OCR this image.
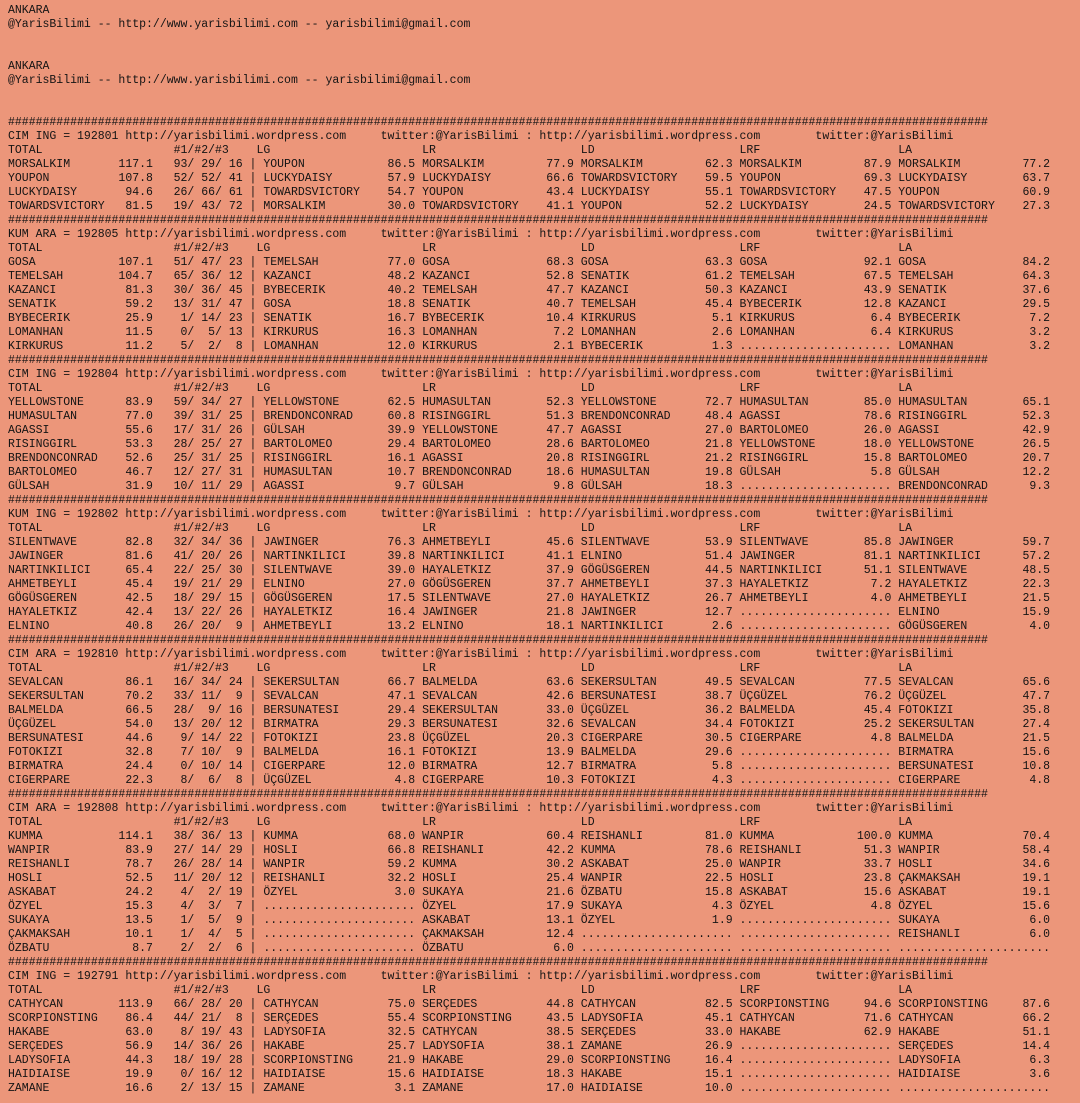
ANKARA
@YarisBilimi -- http://www.yarisbilimi.com -- yarisbilimi@gmail.com
ANKARA
@YarisBilimi -- http://www.yarisbilimi.com -- yarisbilimi@gmail.com
##############################################################################################################################################
CIM ING = 192801 http://yarisbilimi.wordpress.com     twitter:@YarisBilimi : http://yarisbilimi.wordpress.com        twitter:@YarisBilimi
TOTAL                   #1/#2/#3    LG                      LR                     LD                     LRF                    LA
MORSALKIM       117.1   93/ 29/ 16 | YOUPON            86.5 MORSALKIM         77.9 MORSALKIM         62.3 MORSALKIM         87.9 MORSALKIM         77.2
YOUPON          107.8   52/ 52/ 41 | LUCKYDAISY        57.9 LUCKYDAISY        66.6 TOWARDSVICTORY    59.5 YOUPON            69.3 LUCKYDAISY        63.7
LUCKYDAISY       94.6   26/ 66/ 61 | TOWARDSVICTORY    54.7 YOUPON            43.4 LUCKYDAISY        55.1 TOWARDSVICTORY    47.5 YOUPON            60.9
TOWARDSVICTORY   81.5   19/ 43/ 72 | MORSALKIM         30.0 TOWARDSVICTORY    41.1 YOUPON            52.2 LUCKYDAISY        24.5 TOWARDSVICTORY    27.3
##############################################################################################################################################
KUM ARA = 192805 http://yarisbilimi.wordpress.com     twitter:@YarisBilimi : http://yarisbilimi.wordpress.com        twitter:@YarisBilimi
TOTAL                   #1/#2/#3    LG                      LR                     LD                     LRF                    LA
GOSA            107.1   51/ 47/ 23 | TEMELSAH          77.0 GOSA              68.3 GOSA              63.3 GOSA              92.1 GOSA              84.2
TEMELSAH        104.7   65/ 36/ 12 | KAZANCI           48.2 KAZANCI           52.8 SENATIK           61.2 TEMELSAH          67.5 TEMELSAH          64.3
KAZANCI          81.3   30/ 36/ 45 | BYBECERIK         40.2 TEMELSAH          47.7 KAZANCI           50.3 KAZANCI           43.9 SENATIK           37.6
SENATIK          59.2   13/ 31/ 47 | GOSA              18.8 SENATIK           40.7 TEMELSAH          45.4 BYBECERIK         12.8 KAZANCI           29.5
BYBECERIK        25.9    1/ 14/ 23 | SENATIK           16.7 BYBECERIK         10.4 KIRKURUS           5.1 KIRKURUS           6.4 BYBECERIK          7.2
LOMANHAN         11.5    0/  5/ 13 | KIRKURUS          16.3 LOMANHAN           7.2 LOMANHAN           2.6 LOMANHAN           6.4 KIRKURUS           3.2
KIRKURUS         11.2    5/  2/  8 | LOMANHAN          12.0 KIRKURUS           2.1 BYBECERIK          1.3 ...................... LOMANHAN           3.2
##############################################################################################################################################
CIM ING = 192804 http://yarisbilimi.wordpress.com     twitter:@YarisBilimi : http://yarisbilimi.wordpress.com        twitter:@YarisBilimi
TOTAL                   #1/#2/#3    LG                      LR                     LD                     LRF                    LA
YELLOWSTONE      83.9   59/ 34/ 27 | YELLOWSTONE       62.5 HUMASULTAN        52.3 YELLOWSTONE       72.7 HUMASULTAN        85.0 HUMASULTAN        65.1
HUMASULTAN       77.0   39/ 31/ 25 | BRENDONCONRAD     60.8 RISINGGIRL        51.3 BRENDONCONRAD     48.4 AGASSI            78.6 RISINGGIRL        52.3
AGASSI           55.6   17/ 31/ 26 | GÜLSAH            39.9 YELLOWSTONE       47.7 AGASSI            27.0 BARTOLOMEO        26.0 AGASSI            42.9
RISINGGIRL       53.3   28/ 25/ 27 | BARTOLOMEO        29.4 BARTOLOMEO        28.6 BARTOLOMEO        21.8 YELLOWSTONE       18.0 YELLOWSTONE       26.5
BRENDONCONRAD    52.6   25/ 31/ 25 | RISINGGIRL        16.1 AGASSI            20.8 RISINGGIRL        21.2 RISINGGIRL        15.8 BARTOLOMEO        20.7
BARTOLOMEO       46.7   12/ 27/ 31 | HUMASULTAN        10.7 BRENDONCONRAD     18.6 HUMASULTAN        19.8 GÜLSAH             5.8 GÜLSAH            12.2
GÜLSAH           31.9   10/ 11/ 29 | AGASSI             9.7 GÜLSAH             9.8 GÜLSAH            18.3 ...................... BRENDONCONRAD      9.3
##############################################################################################################################################
KUM ING = 192802 http://yarisbilimi.wordpress.com     twitter:@YarisBilimi : http://yarisbilimi.wordpress.com        twitter:@YarisBilimi
TOTAL                   #1/#2/#3    LG                      LR                     LD                     LRF                    LA
SILENTWAVE       82.8   32/ 34/ 36 | JAWINGER          76.3 AHMETBEYLI        45.6 SILENTWAVE        53.9 SILENTWAVE        85.8 JAWINGER          59.7
JAWINGER         81.6   41/ 20/ 26 | NARTINKILICI      39.8 NARTINKILICI      41.1 ELNINO            51.4 JAWINGER          81.1 NARTINKILICI      57.2
NARTINKILICI     65.4   22/ 25/ 30 | SILENTWAVE        39.0 HAYALETKIZ        37.9 GÖGÜSGEREN        44.5 NARTINKILICI      51.1 SILENTWAVE        48.5
AHMETBEYLI       45.4   19/ 21/ 29 | ELNINO            27.0 GÖGÜSGEREN        37.7 AHMETBEYLI        37.3 HAYALETKIZ         7.2 HAYALETKIZ        22.3
GÖGÜSGEREN       42.5   18/ 29/ 15 | GÖGÜSGEREN        17.5 SILENTWAVE        27.0 HAYALETKIZ        26.7 AHMETBEYLI         4.0 AHMETBEYLI        21.5
HAYALETKIZ       42.4   13/ 22/ 26 | HAYALETKIZ        16.4 JAWINGER          21.8 JAWINGER          12.7 ...................... ELNINO            15.9
ELNINO           40.8   26/ 20/  9 | AHMETBEYLI        13.2 ELNINO            18.1 NARTINKILICI       2.6 ...................... GÖGÜSGEREN         4.0
##############################################################################################################################################
CIM ARA = 192810 http://yarisbilimi.wordpress.com     twitter:@YarisBilimi : http://yarisbilimi.wordpress.com        twitter:@YarisBilimi
TOTAL                   #1/#2/#3    LG                      LR                     LD                     LRF                    LA
SEVALCAN         86.1   16/ 34/ 24 | SEKERSULTAN       66.7 BALMELDA          63.6 SEKERSULTAN       49.5 SEVALCAN          77.5 SEVALCAN          65.6
SEKERSULTAN      70.2   33/ 11/  9 | SEVALCAN          47.1 SEVALCAN          42.6 BERSUNATESI       38.7 ÜÇGÜZEL           76.2 ÜÇGÜZEL           47.7
BALMELDA         66.5   28/  9/ 16 | BERSUNATESI       29.4 SEKERSULTAN       33.0 ÜÇGÜZEL           36.2 BALMELDA          45.4 FOTOKIZI          35.8
ÜÇGÜZEL          54.0   13/ 20/ 12 | BIRMATRA          29.3 BERSUNATESI       32.6 SEVALCAN          34.4 FOTOKIZI          25.2 SEKERSULTAN       27.4
BERSUNATESI      44.6    9/ 14/ 22 | FOTOKIZI          23.8 ÜÇGÜZEL           20.3 CIGERPARE         30.5 CIGERPARE          4.8 BALMELDA          21.5
FOTOKIZI         32.8    7/ 10/  9 | BALMELDA          16.1 FOTOKIZI          13.9 BALMELDA          29.6 ...................... BIRMATRA          15.6
BIRMATRA         24.4    0/ 10/ 14 | CIGERPARE         12.0 BIRMATRA          12.7 BIRMATRA           5.8 ...................... BERSUNATESI       10.8
CIGERPARE        22.3    8/  6/  8 | ÜÇGÜZEL            4.8 CIGERPARE         10.3 FOTOKIZI           4.3 ...................... CIGERPARE          4.8
##############################################################################################################################################
CIM ARA = 192808 http://yarisbilimi.wordpress.com     twitter:@YarisBilimi : http://yarisbilimi.wordpress.com        twitter:@YarisBilimi
TOTAL                   #1/#2/#3    LG                      LR                     LD                     LRF                    LA
KUMMA           114.1   38/ 36/ 13 | KUMMA             68.0 WANPIR            60.4 REISHANLI         81.0 KUMMA            100.0 KUMMA             70.4
WANPIR           83.9   27/ 14/ 29 | HOSLI             66.8 REISHANLI         42.2 KUMMA             78.6 REISHANLI         51.3 WANPIR            58.4
REISHANLI        78.7   26/ 28/ 14 | WANPIR            59.2 KUMMA             30.2 ASKABAT           25.0 WANPIR            33.7 HOSLI             34.6
HOSLI            52.5   11/ 20/ 12 | REISHANLI         32.2 HOSLI             25.4 WANPIR            22.5 HOSLI             23.8 ÇAKMAKSAH         19.1
ASKABAT          24.2    4/  2/ 19 | ÖZYEL              3.0 SUKAYA            21.6 ÖZBATU            15.8 ASKABAT           15.6 ASKABAT           19.1
ÖZYEL            15.3    4/  3/  7 | ...................... ÖZYEL             17.9 SUKAYA             4.3 ÖZYEL              4.8 ÖZYEL             15.6
SUKAYA           13.5    1/  5/  9 | ...................... ASKABAT           13.1 ÖZYEL              1.9 ...................... SUKAYA             6.0
ÇAKMAKSAH        10.1    1/  4/  5 | ...................... ÇAKMAKSAH         12.4 ...................... ...................... REISHANLI          6.0
ÖZBATU            8.7    2/  2/  6 | ...................... ÖZBATU             6.0 ...................... ...................... ......................
##############################################################################################################################################
CIM ING = 192791 http://yarisbilimi.wordpress.com     twitter:@YarisBilimi : http://yarisbilimi.wordpress.com        twitter:@YarisBilimi
TOTAL                   #1/#2/#3    LG                      LR                     LD                     LRF                    LA
CATHYCAN        113.9   66/ 28/ 20 | CATHYCAN          75.0 SERÇEDES          44.8 CATHYCAN          82.5 SCORPIONSTING     94.6 SCORPIONSTING     87.6
SCORPIONSTING    86.4   44/ 21/  8 | SERÇEDES          55.4 SCORPIONSTING     43.5 LADYSOFIA         45.1 CATHYCAN          71.6 CATHYCAN          66.2
HAKABE           63.0    8/ 19/ 43 | LADYSOFIA         32.5 CATHYCAN          38.5 SERÇEDES          33.0 HAKABE            62.9 HAKABE            51.1
SERÇEDES         56.9   14/ 36/ 26 | HAKABE            25.7 LADYSOFIA         38.1 ZAMANE            26.9 ...................... SERÇEDES          14.4
LADYSOFIA        44.3   18/ 19/ 28 | SCORPIONSTING     21.9 HAKABE            29.0 SCORPIONSTING     16.4 ...................... LADYSOFIA          6.3
HAIDIAISE        19.9    0/ 16/ 12 | HAIDIAISE         15.6 HAIDIAISE         18.3 HAKABE            15.1 ...................... HAIDIAISE          3.6
ZAMANE           16.6    2/ 13/ 15 | ZAMANE             3.1 ZAMANE            17.0 HAIDIAISE         10.0 ...................... ......................
